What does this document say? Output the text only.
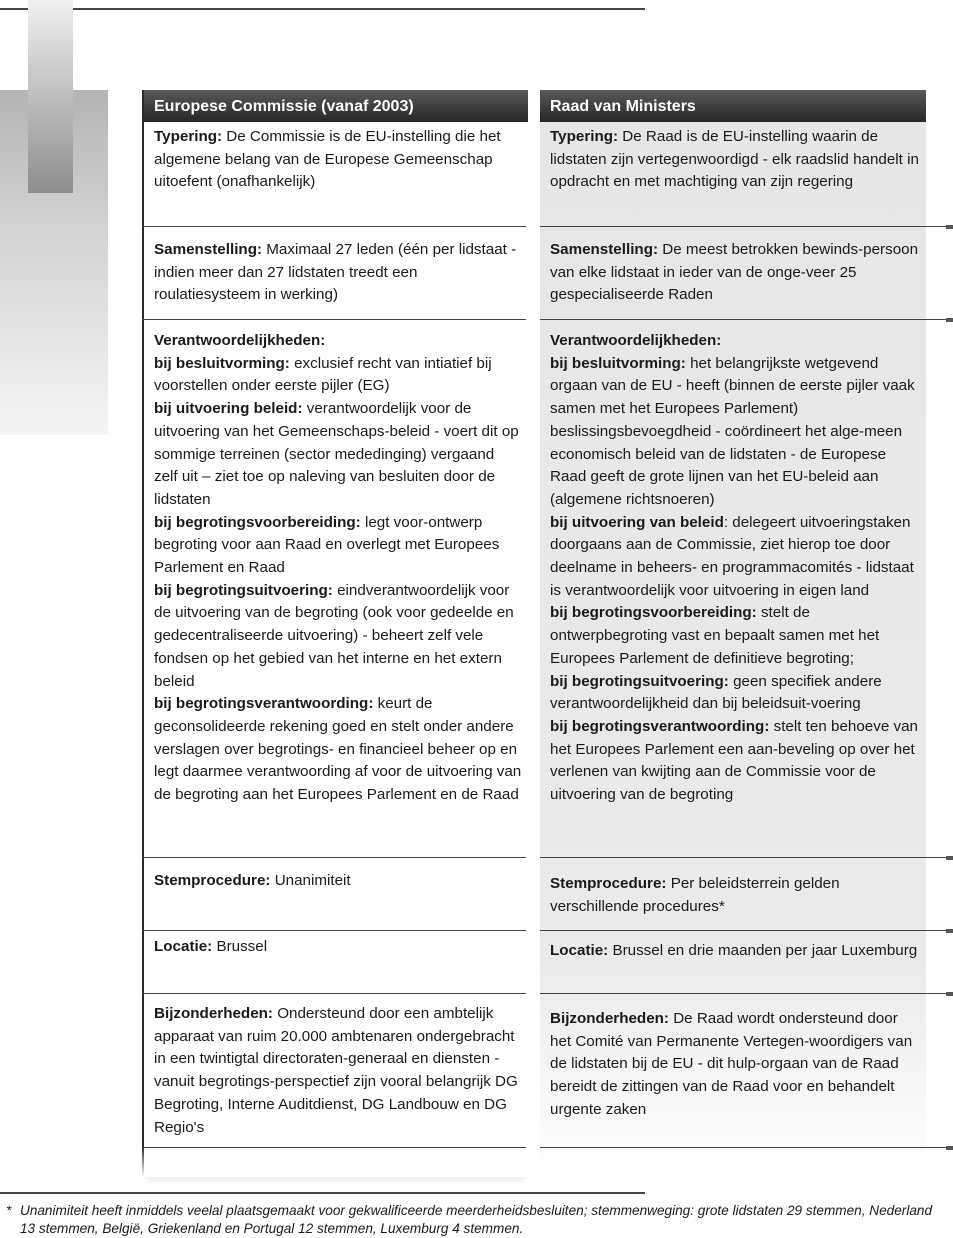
Europese Commissie (vanaf 2003)
Typering: De Commissie is de EU-instelling die het algemene belang van de Europese Gemeenschap uitoefent (onafhankelijk)
Samenstelling: Maximaal 27 leden (één per lidstaat - indien meer dan 27 lidstaten treedt een roulatiesysteem in werking)
Verantwoordelijkheden:
bij besluitvorming: exclusief recht van intiatief bij voorstellen onder eerste pijler (EG)
bij uitvoering beleid: verantwoordelijk voor de uitvoering van het Gemeenschaps-beleid - voert dit op sommige terreinen (sector mededinging) vergaand zelf uit – ziet toe op naleving van besluiten door de lidstaten
bij begrotingsvoorbereiding: legt voor-ontwerp begroting voor aan Raad en overlegt met Europees Parlement en Raad
bij begrotingsuitvoering: eindverantwoordelijk voor de uitvoering van de begroting (ook voor gedeelde en gedecentraliseerde uitvoering) - beheert zelf vele fondsen op het gebied van het interne en het extern beleid
bij begrotingsverantwoording: keurt de geconsolideerde rekening goed en stelt onder andere verslagen over begrotings- en financieel beheer op en legt daarmee verantwoording af voor de uitvoering van de begroting aan het Europees Parlement en de Raad
Stemprocedure: Unanimiteit
Locatie: Brussel
Bijzonderheden: Ondersteund door een ambtelijk apparaat van ruim 20.000 ambtenaren ondergebracht in een twintigtal directoraten-generaal en diensten - vanuit begrotings-perspectief zijn vooral belangrijk DG Begroting, Interne Auditdienst, DG Landbouw en DG Regio's
Raad van Ministers
Typering: De Raad is de EU-instelling waarin de lidstaten zijn vertegenwoordigd - elk raadslid handelt in opdracht en met machtiging van zijn regering
Samenstelling: De meest betrokken bewinds-persoon van elke lidstaat in ieder van de onge-veer 25 gespecialiseerde Raden
Verantwoordelijkheden:
bij besluitvorming: het belangrijkste wetgevend orgaan van de EU - heeft (binnen de eerste pijler vaak samen met het Europees Parlement) beslissingsbevoegdheid - coördineert het alge-meen economisch beleid van de lidstaten - de Europese Raad geeft de grote lijnen van het EU-beleid aan (algemene richtsnoeren)
bij uitvoering van beleid: delegeert uitvoeringstaken doorgaans aan de Commissie, ziet hierop toe door deelname in beheers- en programmacomités - lidstaat is verantwoordelijk voor uitvoering in eigen land
bij begrotingsvoorbereiding: stelt de ontwerpbegroting vast en bepaalt samen met het Europees Parlement de definitieve begroting;
bij begrotingsuitvoering: geen specifiek andere verantwoordelijkheid dan bij beleidsuit-voering
bij begrotingsverantwoording: stelt ten behoeve van het Europees Parlement een aan-beveling op over het verlenen van kwijting aan de Commissie voor de uitvoering van de begroting
Stemprocedure: Per beleidsterrein gelden verschillende procedures*
Locatie: Brussel en drie maanden per jaar Luxemburg
Bijzonderheden: De Raad wordt ondersteund door het Comité van Permanente Vertegen-woordigers van de lidstaten bij de EU - dit hulp-orgaan van de Raad bereidt de zittingen van de Raad voor en behandelt urgente zaken
* Unanimiteit heeft inmiddels veelal plaatsgemaakt voor gekwalificeerde meerderheidsbesluiten; stemmenweging: grote lidstaten 29 stemmen, Nederland 13 stemmen, België, Griekenland en Portugal 12 stemmen, Luxemburg 4 stemmen.
